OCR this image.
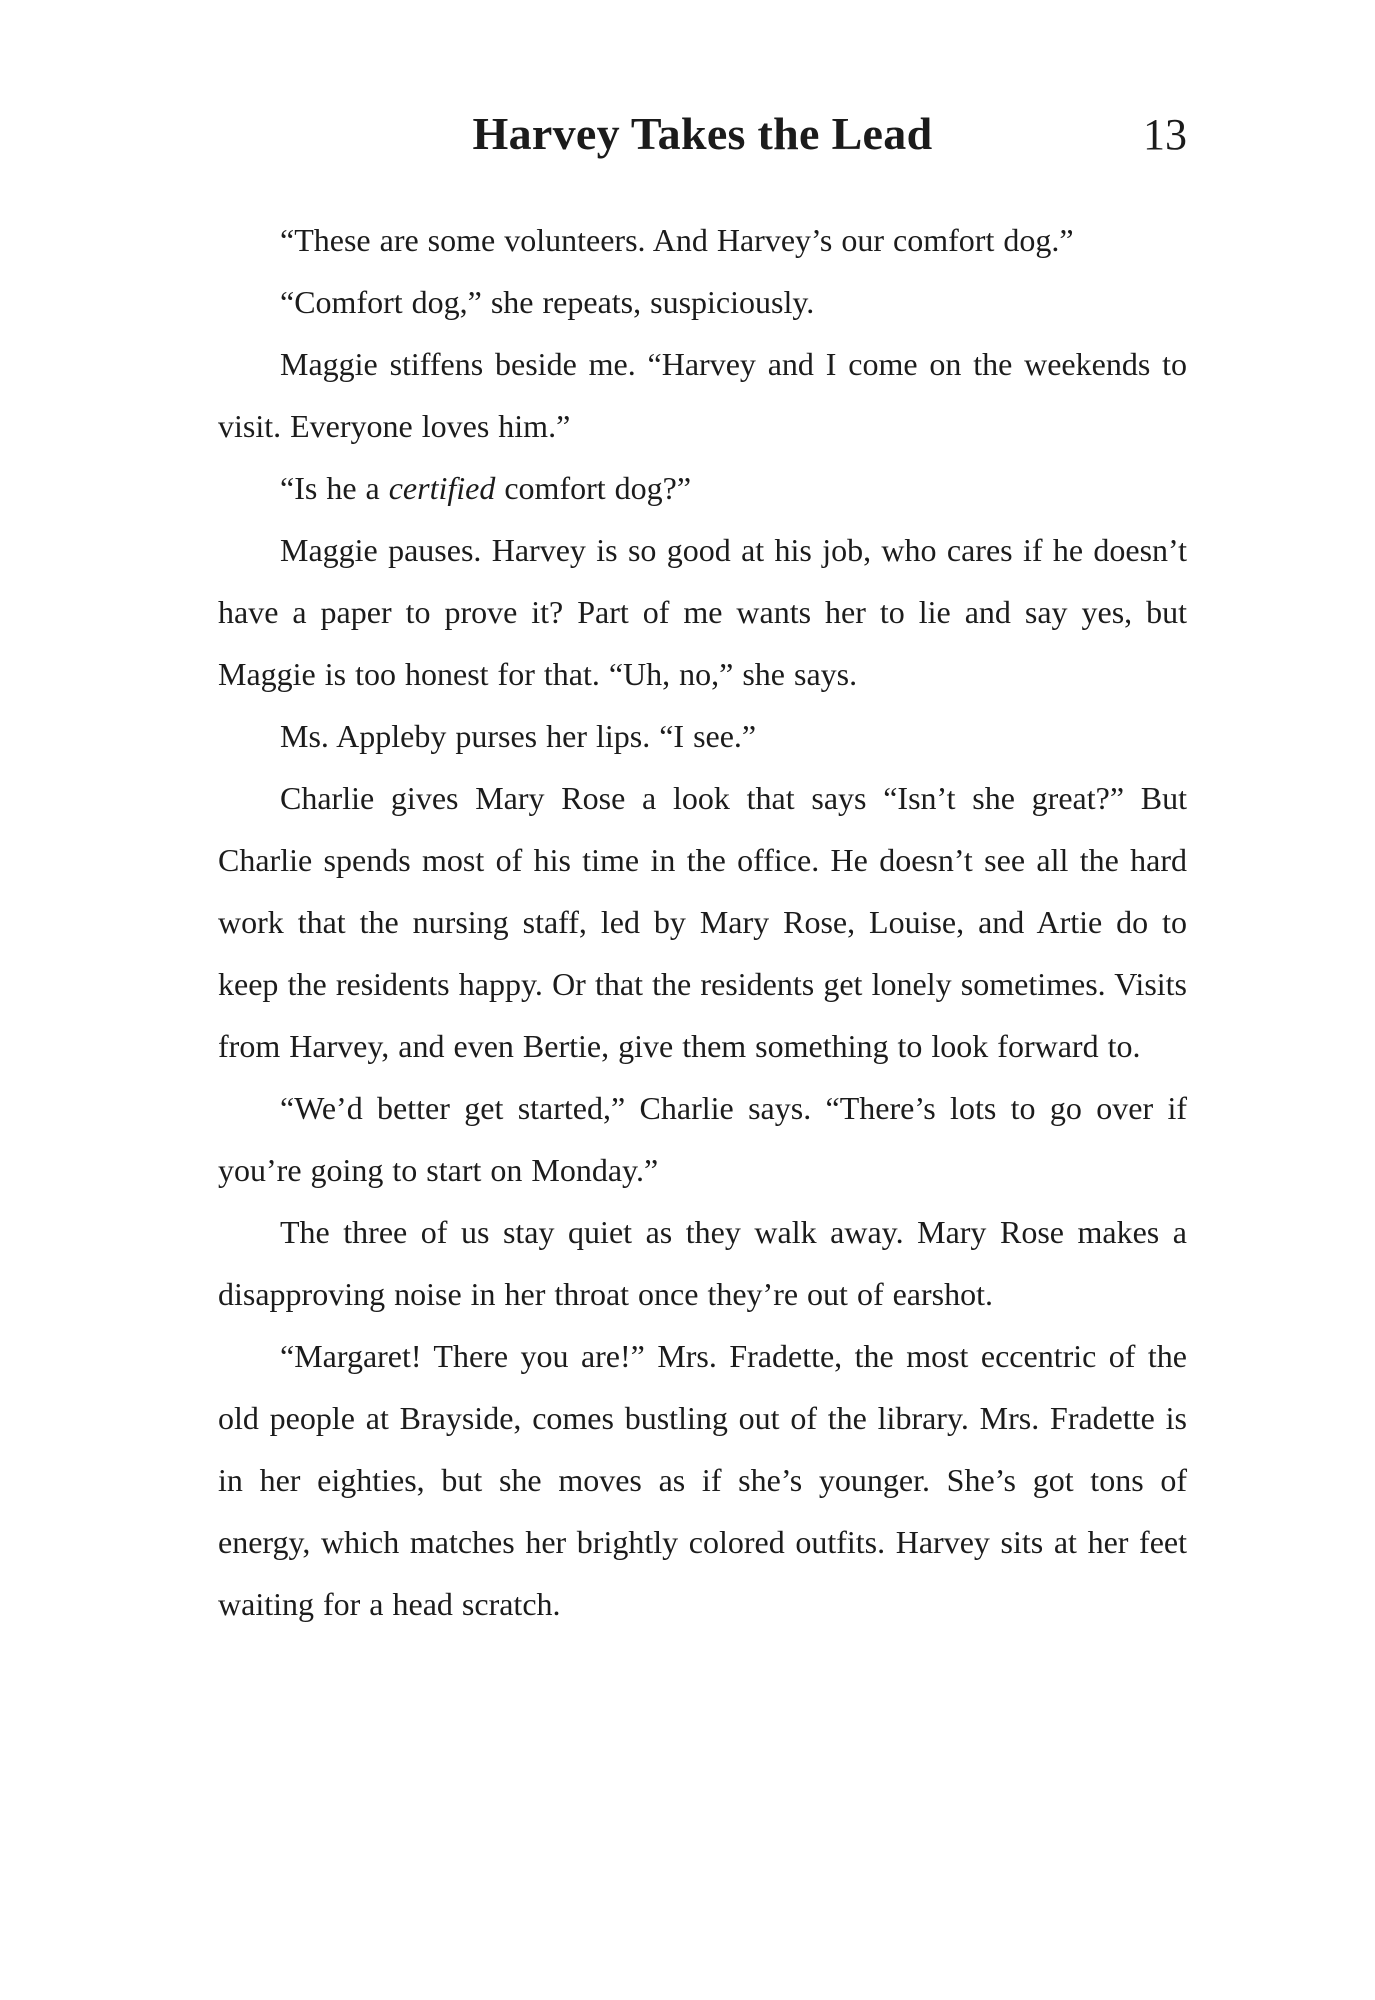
Harvey Takes the Lead	13

“These are some volunteers. And Harvey’s our comfort dog.”

“Comfort dog,” she repeats, suspiciously.

Maggie stiffens beside me. “Harvey and I come on the weekends to visit. Everyone loves him.”

“Is he a certified comfort dog?”

Maggie pauses. Harvey is so good at his job, who cares if he doesn’t have a paper to prove it? Part of me wants her to lie and say yes, but Maggie is too honest for that. “Uh, no,” she says.

Ms. Appleby purses her lips. “I see.”

Charlie gives Mary Rose a look that says “Isn’t she great?” But Charlie spends most of his time in the office. He doesn’t see all the hard work that the nursing staff, led by Mary Rose, Louise, and Artie do to keep the residents happy. Or that the residents get lonely sometimes. Visits from Harvey, and even Bertie, give them something to look forward to.

“We’d better get started,” Charlie says. “There’s lots to go over if you’re going to start on Monday.”

The three of us stay quiet as they walk away. Mary Rose makes a disapproving noise in her throat once they’re out of earshot.

“Margaret! There you are!” Mrs. Fradette, the most eccentric of the old people at Brayside, comes bustling out of the library. Mrs. Fradette is in her eighties, but she moves as if she’s younger. She’s got tons of energy, which matches her brightly colored outfits. Harvey sits at her feet waiting for a head scratch.
